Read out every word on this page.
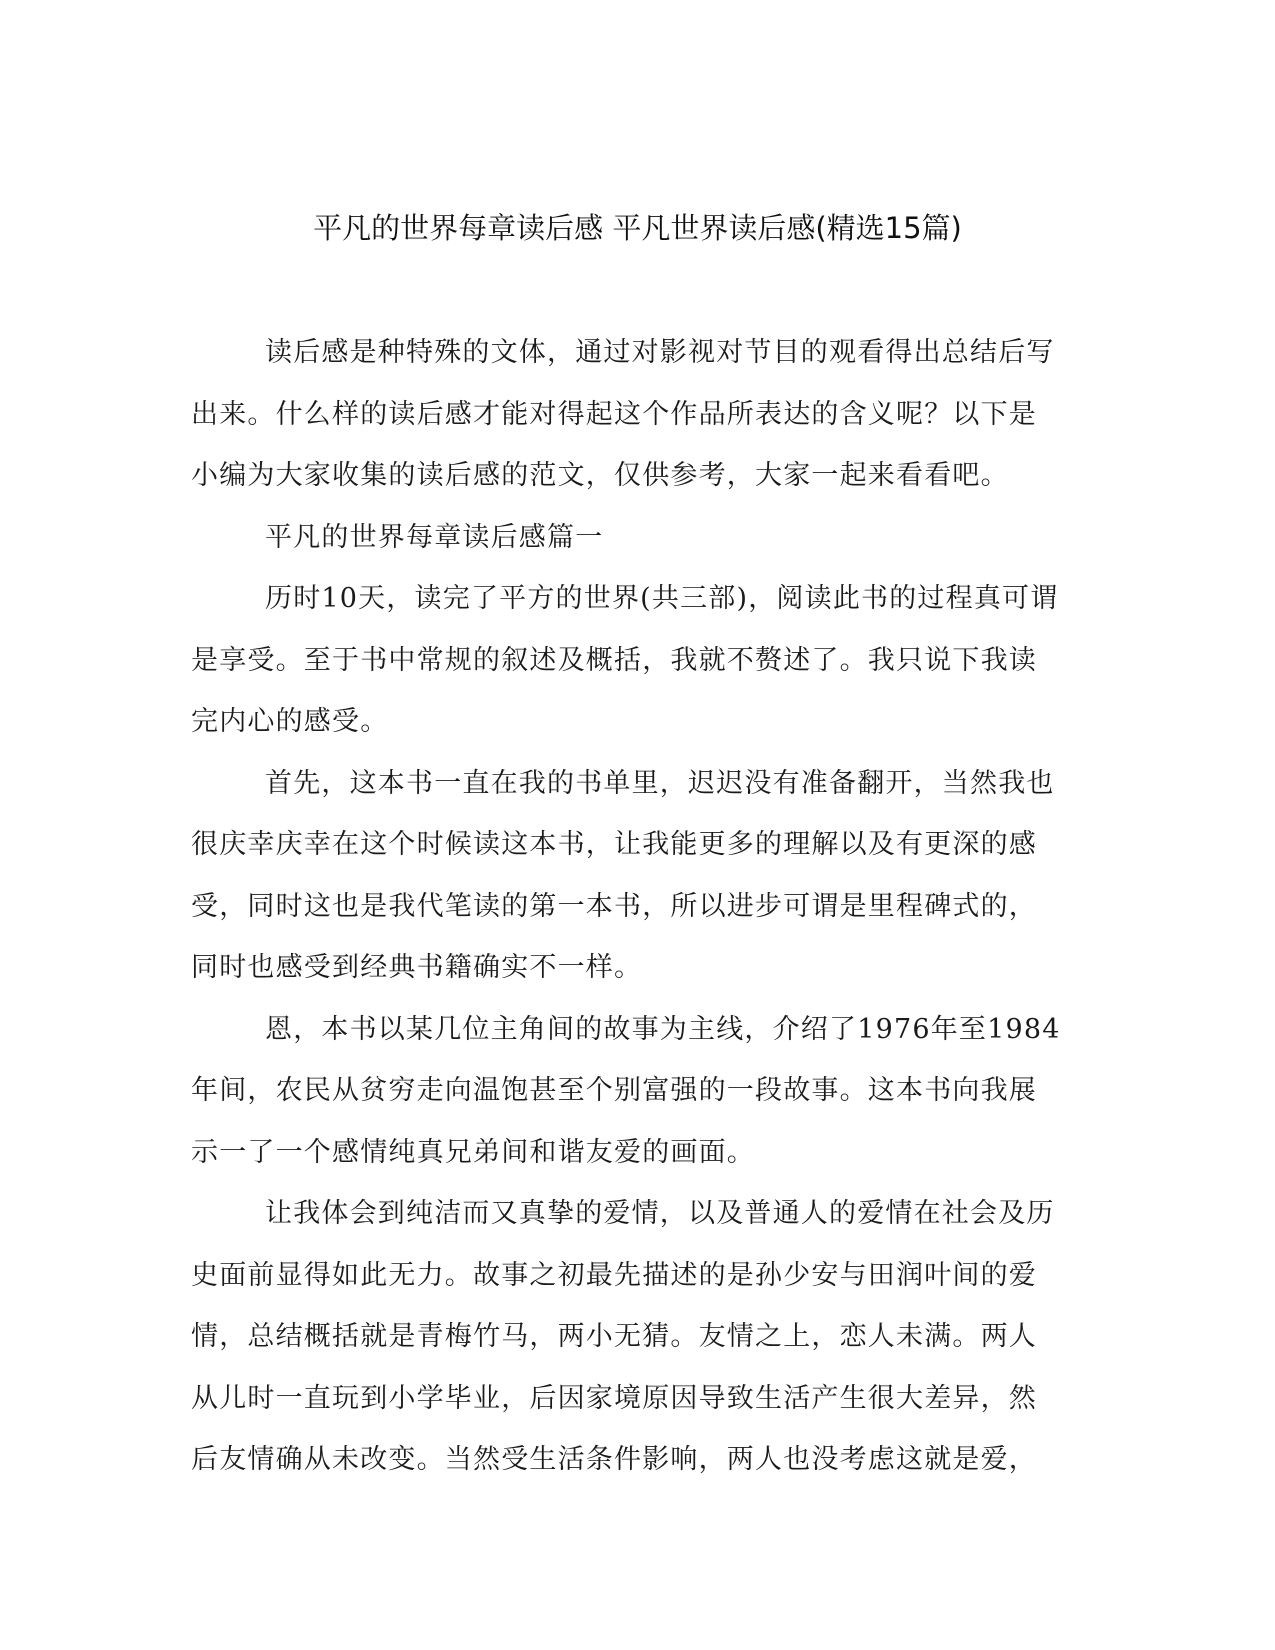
平凡的世界每章读后感 平凡世界读后感(精选15篇)
读后感是种特殊的文体，通过对影视对节目的观看得出总结后写
出来。什么样的读后感才能对得起这个作品所表达的含义呢？以下是
小编为大家收集的读后感的范文，仅供参考，大家一起来看看吧。
平凡的世界每章读后感篇一
历时10天，读完了平方的世界(共三部)，阅读此书的过程真可谓
是享受。至于书中常规的叙述及概括，我就不赘述了。我只说下我读
完内心的感受。
首先，这本书一直在我的书单里，迟迟没有准备翻开，当然我也
很庆幸庆幸在这个时候读这本书，让我能更多的理解以及有更深的感
受，同时这也是我代笔读的第一本书，所以进步可谓是里程碑式的，
同时也感受到经典书籍确实不一样。
恩，本书以某几位主角间的故事为主线，介绍了1976年至1984
年间，农民从贫穷走向温饱甚至个别富强的一段故事。这本书向我展
示一了一个感情纯真兄弟间和谐友爱的画面。
让我体会到纯洁而又真挚的爱情，以及普通人的爱情在社会及历
史面前显得如此无力。故事之初最先描述的是孙少安与田润叶间的爱
情，总结概括就是青梅竹马，两小无猜。友情之上，恋人未满。两人
从儿时一直玩到小学毕业，后因家境原因导致生活产生很大差异，然
后友情确从未改变。当然受生活条件影响，两人也没考虑这就是爱，
